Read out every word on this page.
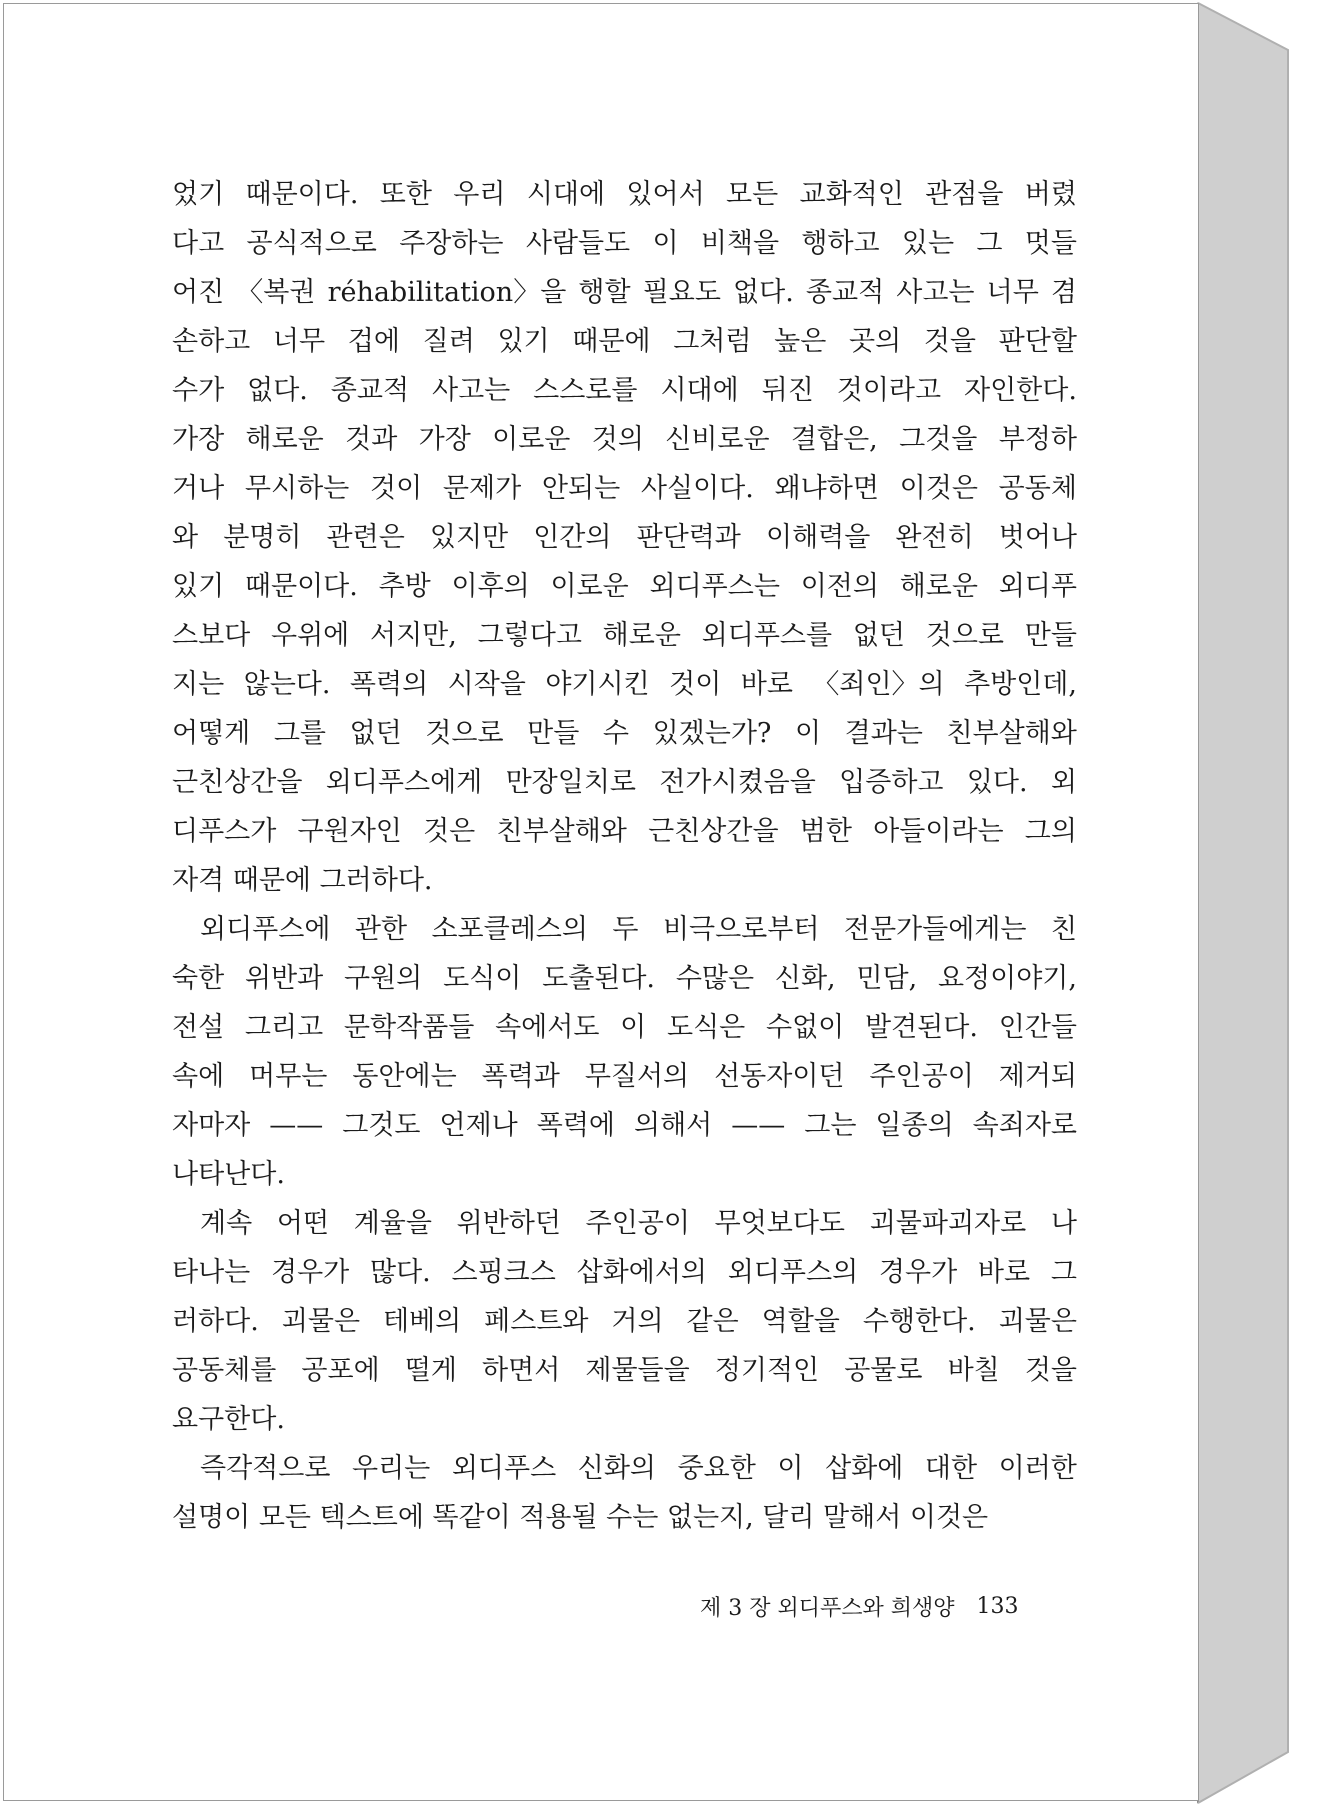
었기 때문이다. 또한 우리 시대에 있어서 모든 교화적인 관점을 버렸
다고 공식적으로 주장하는 사람들도 이 비책을 행하고 있는 그 멋들
어진 〈복권 réhabilitation〉을 행할 필요도 없다. 종교적 사고는 너무 겸
손하고 너무 겁에 질려 있기 때문에 그처럼 높은 곳의 것을 판단할
수가 없다. 종교적 사고는 스스로를 시대에 뒤진 것이라고 자인한다.
가장 해로운 것과 가장 이로운 것의 신비로운 결합은, 그것을 부정하
거나 무시하는 것이 문제가 안되는 사실이다. 왜냐하면 이것은 공동체
와 분명히 관련은 있지만 인간의 판단력과 이해력을 완전히 벗어나
있기 때문이다. 추방 이후의 이로운 외디푸스는 이전의 해로운 외디푸
스보다 우위에 서지만, 그렇다고 해로운 외디푸스를 없던 것으로 만들
지는 않는다. 폭력의 시작을 야기시킨 것이 바로 〈죄인〉의 추방인데,
어떻게 그를 없던 것으로 만들 수 있겠는가? 이 결과는 친부살해와
근친상간을 외디푸스에게 만장일치로 전가시켰음을 입증하고 있다. 외
디푸스가 구원자인 것은 친부살해와 근친상간을 범한 아들이라는 그의
자격 때문에 그러하다.
외디푸스에 관한 소포클레스의 두 비극으로부터 전문가들에게는 친
숙한 위반과 구원의 도식이 도출된다. 수많은 신화, 민담, 요정이야기,
전설 그리고 문학작품들 속에서도 이 도식은 수없이 발견된다. 인간들
속에 머무는 동안에는 폭력과 무질서의 선동자이던 주인공이 제거되
자마자 —— 그것도 언제나 폭력에 의해서 —— 그는 일종의 속죄자로
나타난다.
계속 어떤 계율을 위반하던 주인공이 무엇보다도 괴물파괴자로 나
타나는 경우가 많다. 스핑크스 삽화에서의 외디푸스의 경우가 바로 그
러하다. 괴물은 테베의 페스트와 거의 같은 역할을 수행한다. 괴물은
공동체를 공포에 떨게 하면서 제물들을 정기적인 공물로 바칠 것을
요구한다.
즉각적으로 우리는 외디푸스 신화의 중요한 이 삽화에 대한 이러한
설명이 모든 텍스트에 똑같이 적용될 수는 없는지, 달리 말해서 이것은
제 3 장 외디푸스와 희생양 133
